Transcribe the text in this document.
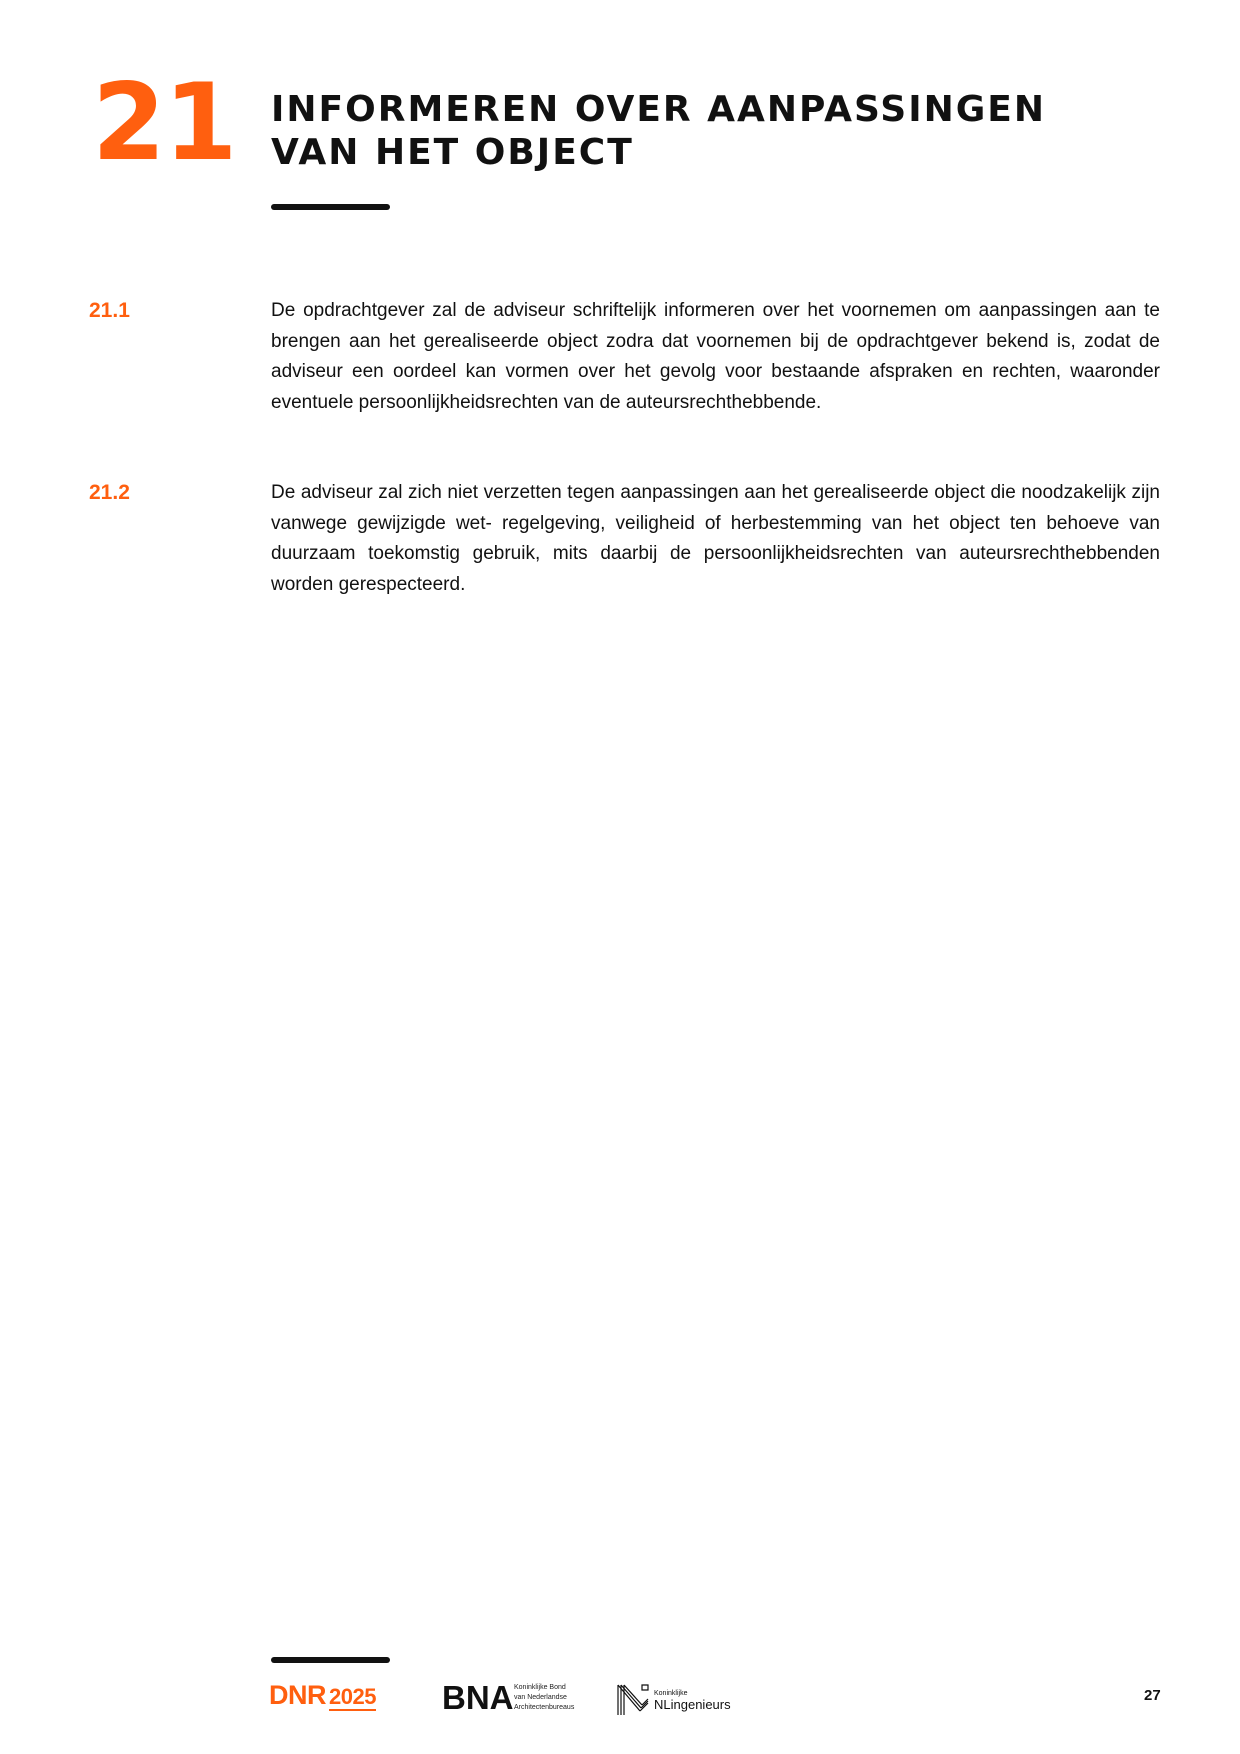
21 INFORMEREN OVER AANPASSINGEN
VAN HET OBJECT
21.1	De opdrachtgever zal de adviseur schriftelijk informeren over het voornemen om aanpassingen aan te brengen aan het gerealiseerde object zodra dat voornemen bij de opdrachtgever bekend is, zodat de adviseur een oordeel kan vormen over het gevolg voor bestaande afspraken en rechten, waaronder eventuele persoonlijkheidsrechten van de auteursrechthebbende.
21.2	De adviseur zal zich niet verzetten tegen aanpassingen aan het gerealiseerde object die noodzakelijk zijn vanwege gewijzigde wet- regelgeving, veiligheid of herbestemming van het object ten behoeve van duurzaam toekomstig gebruik, mits daarbij de persoonlijkheidsrechten van auteursrechthebbenden worden gerespecteerd.
DNR 2025 BNA Koninklijke Bond
van Nederlandse
Architectenbureaus
Koninklijke
NLingenieurs
27
